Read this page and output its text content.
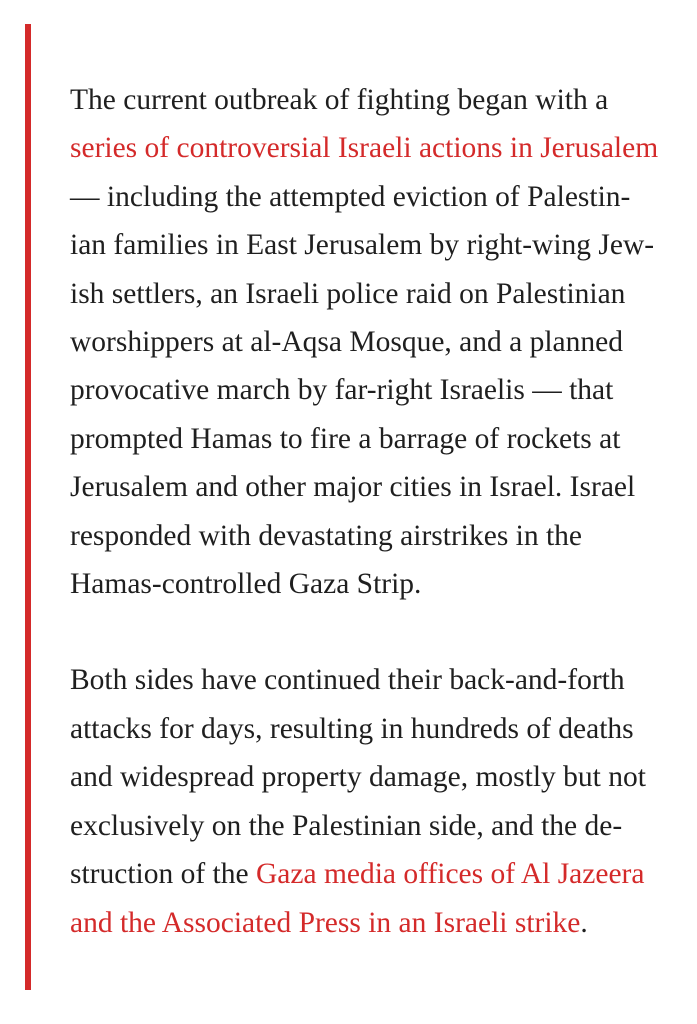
The current outbreak of fighting began with a
series of controversial Israeli actions in Jerusalem
— including the attempted eviction of Palestin-
ian families in East Jerusalem by right-wing Jew-
ish settlers, an Israeli police raid on Palestinian
worshippers at al-Aqsa Mosque, and a planned
provocative march by far-right Israelis — that
prompted Hamas to fire a barrage of rockets at
Jerusalem and other major cities in Israel. Israel
responded with devastating airstrikes in the
Hamas-controlled Gaza Strip.

Both sides have continued their back-and-forth
attacks for days, resulting in hundreds of deaths
and widespread property damage, mostly but not
exclusively on the Palestinian side, and the de-
struction of the Gaza media offices of Al Jazeera
and the Associated Press in an Israeli strike.
